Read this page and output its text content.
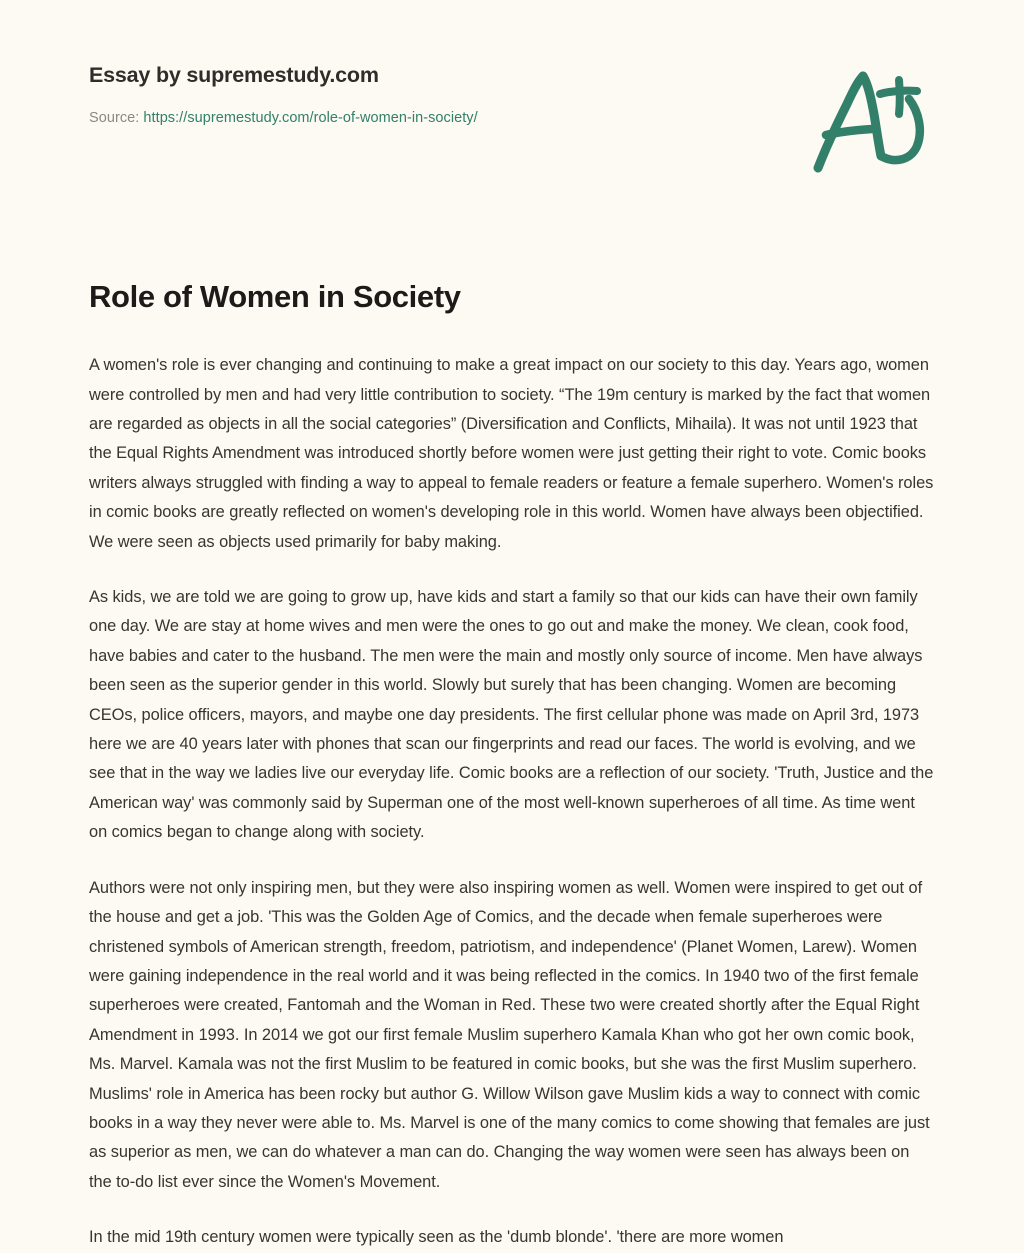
Essay by supremestudy.com
Source: https://supremestudy.com/role-of-women-in-society/
Role of Women in Society

A women's role is ever changing and continuing to make a great impact on our society to this day. Years ago, women were controlled by men and had very little contribution to society. “The 19m century is marked by the fact that women are regarded as objects in all the social categories” (Diversification and Conflicts, Mihaila). It was not until 1923 that the Equal Rights Amendment was introduced shortly before women were just getting their right to vote. Comic books writers always struggled with finding a way to appeal to female readers or feature a female superhero. Women's roles in comic books are greatly reflected on women's developing role in this world. Women have always been objectified. We were seen as objects used primarily for baby making.

As kids, we are told we are going to grow up, have kids and start a family so that our kids can have their own family one day. We are stay at home wives and men were the ones to go out and make the money. We clean, cook food, have babies and cater to the husband. The men were the main and mostly only source of income. Men have always been seen as the superior gender in this world. Slowly but surely that has been changing. Women are becoming CEOs, police officers, mayors, and maybe one day presidents. The first cellular phone was made on April 3rd, 1973 here we are 40 years later with phones that scan our fingerprints and read our faces. The world is evolving, and we see that in the way we ladies live our everyday life. Comic books are a reflection of our society. 'Truth, Justice and the American way' was commonly said by Superman one of the most well-known superheroes of all time. As time went on comics began to change along with society.

Authors were not only inspiring men, but they were also inspiring women as well. Women were inspired to get out of the house and get a job. 'This was the Golden Age of Comics, and the decade when female superheroes were christened symbols of American strength, freedom, patriotism, and independence' (Planet Women, Larew). Women were gaining independence in the real world and it was being reflected in the comics. In 1940 two of the first female superheroes were created, Fantomah and the Woman in Red. These two were created shortly after the Equal Right Amendment in 1993. In 2014 we got our first female Muslim superhero Kamala Khan who got her own comic book, Ms. Marvel. Kamala was not the first Muslim to be featured in comic books, but she was the first Muslim superhero. Muslims' role in America has been rocky but author G. Willow Wilson gave Muslim kids a way to connect with comic books in a way they never were able to. Ms. Marvel is one of the many comics to come showing that females are just as superior as men, we can do whatever a man can do. Changing the way women were seen has always been on the to-do list ever since the Women's Movement.

In the mid 19th century women were typically seen as the 'dumb blonde'. 'there are more women
